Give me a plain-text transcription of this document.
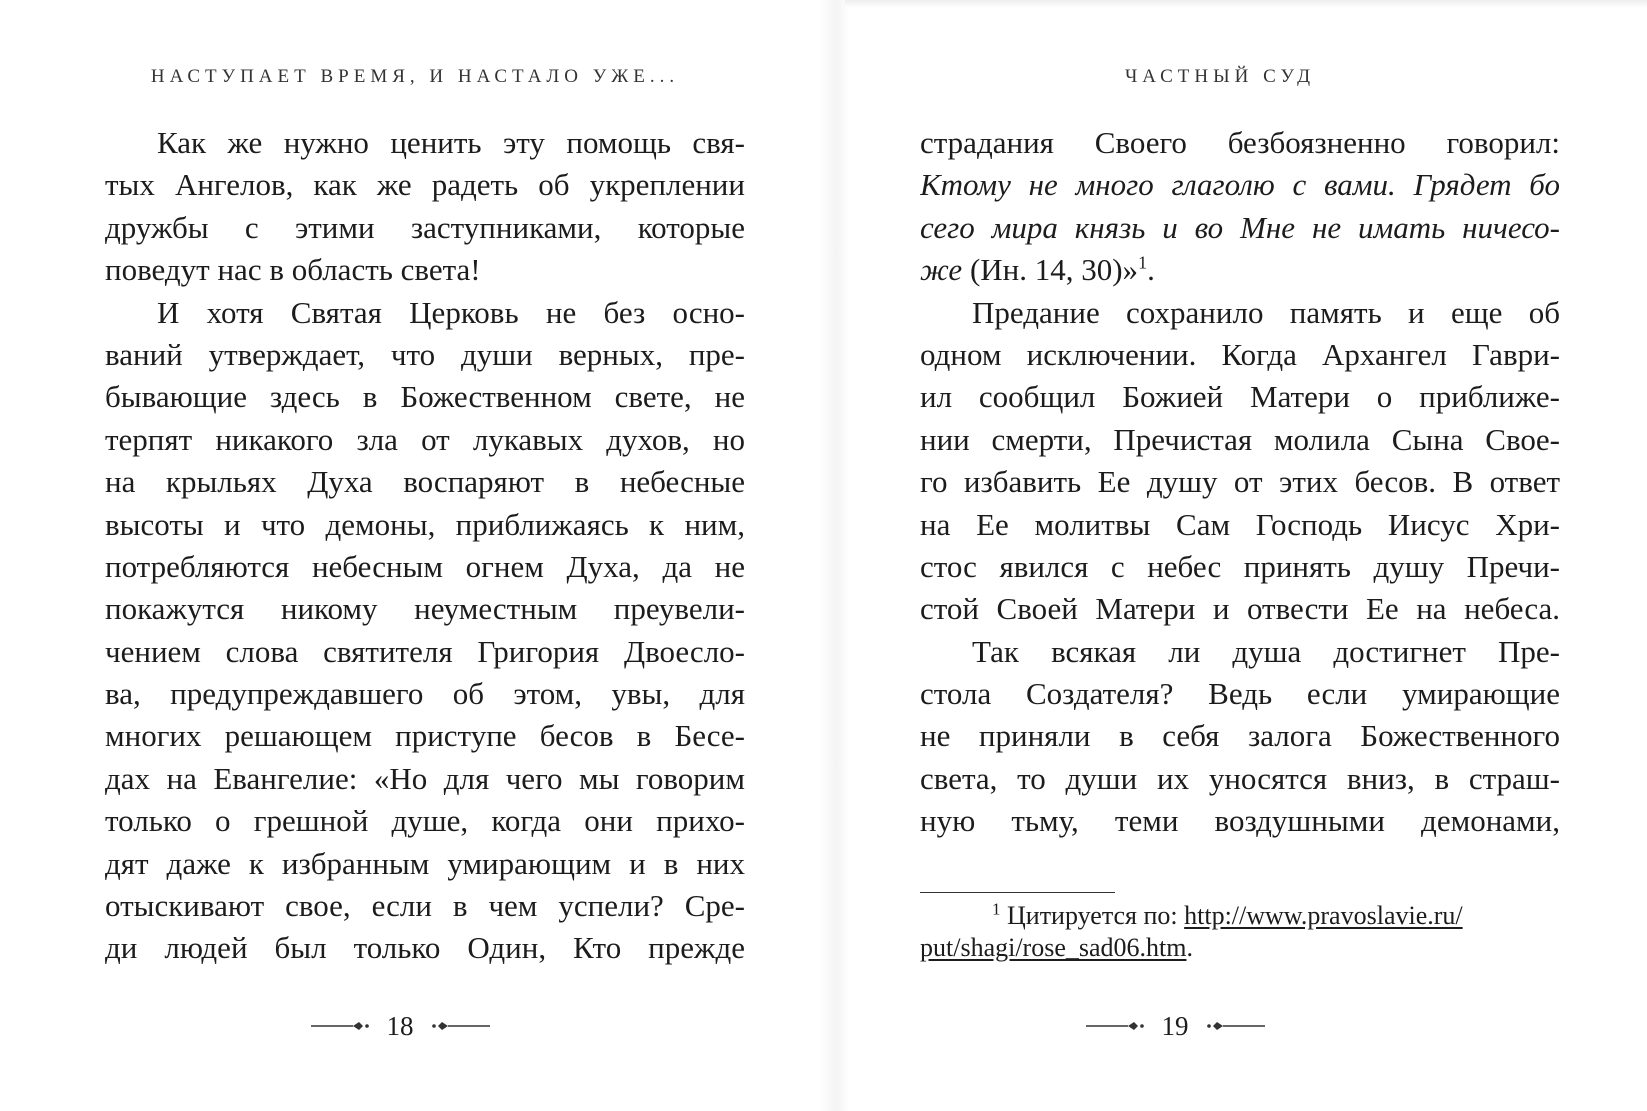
НАСТУПАЕТ ВРЕМЯ, И НАСТАЛО УЖЕ...
Как же нужно ценить эту помощь свя-
тых Ангелов, как же радеть об укреплении
дружбы с этими заступниками, которые
поведут нас в область света!
И хотя Святая Церковь не без осно-
ваний утверждает, что души верных, пре-
бывающие здесь в Божественном свете, не
терпят никакого зла от лукавых духов, но
на крыльях Духа воспаряют в небесные
высоты и что демоны, приближаясь к ним,
потребляются небесным огнем Духа, да не
покажутся никому неуместным преувели-
чением слова святителя Григория Двоесло-
ва, предупреждавшего об этом, увы, для
многих решающем приступе бесов в Бесе-
дах на Евангелие: «Но для чего мы говорим
только о грешной душе, когда они прихо-
дят даже к избранным умирающим и в них
отыскивают свое, если в чем успели? Сре-
ди людей был только Один, Кто прежде
18
ЧАСТНЫЙ СУД
страдания Своего безбоязненно говорил:
Ктому не много глаголю с вами. Грядет бо
сего мира князь и во Мне не имать ничесо-
же (Ин. 14, 30)»$^1$.
Предание сохранило память и еще об
одном исключении. Когда Архангел Гаври-
ил сообщил Божией Матери о приближе-
нии смерти, Пречистая молила Сына Своe-
го избавить Ее душу от этих бесов. В ответ
на Ее молитвы Сам Господь Иисус Хри-
стос явился с небес принять душу Пречи-
стой Своей Матери и отвести Ее на небеса.
Так всякая ли душа достигнет Пре-
стола Создателя? Ведь если умирающие
не приняли в себя залога Божественного
света, то души их уносятся вниз, в страш-
ную тьму, теми воздушными демонами,
$^1$ Цитируется по: http://www.pravoslavie.ru/
put/shagi/rose_sad06.htm.
19
